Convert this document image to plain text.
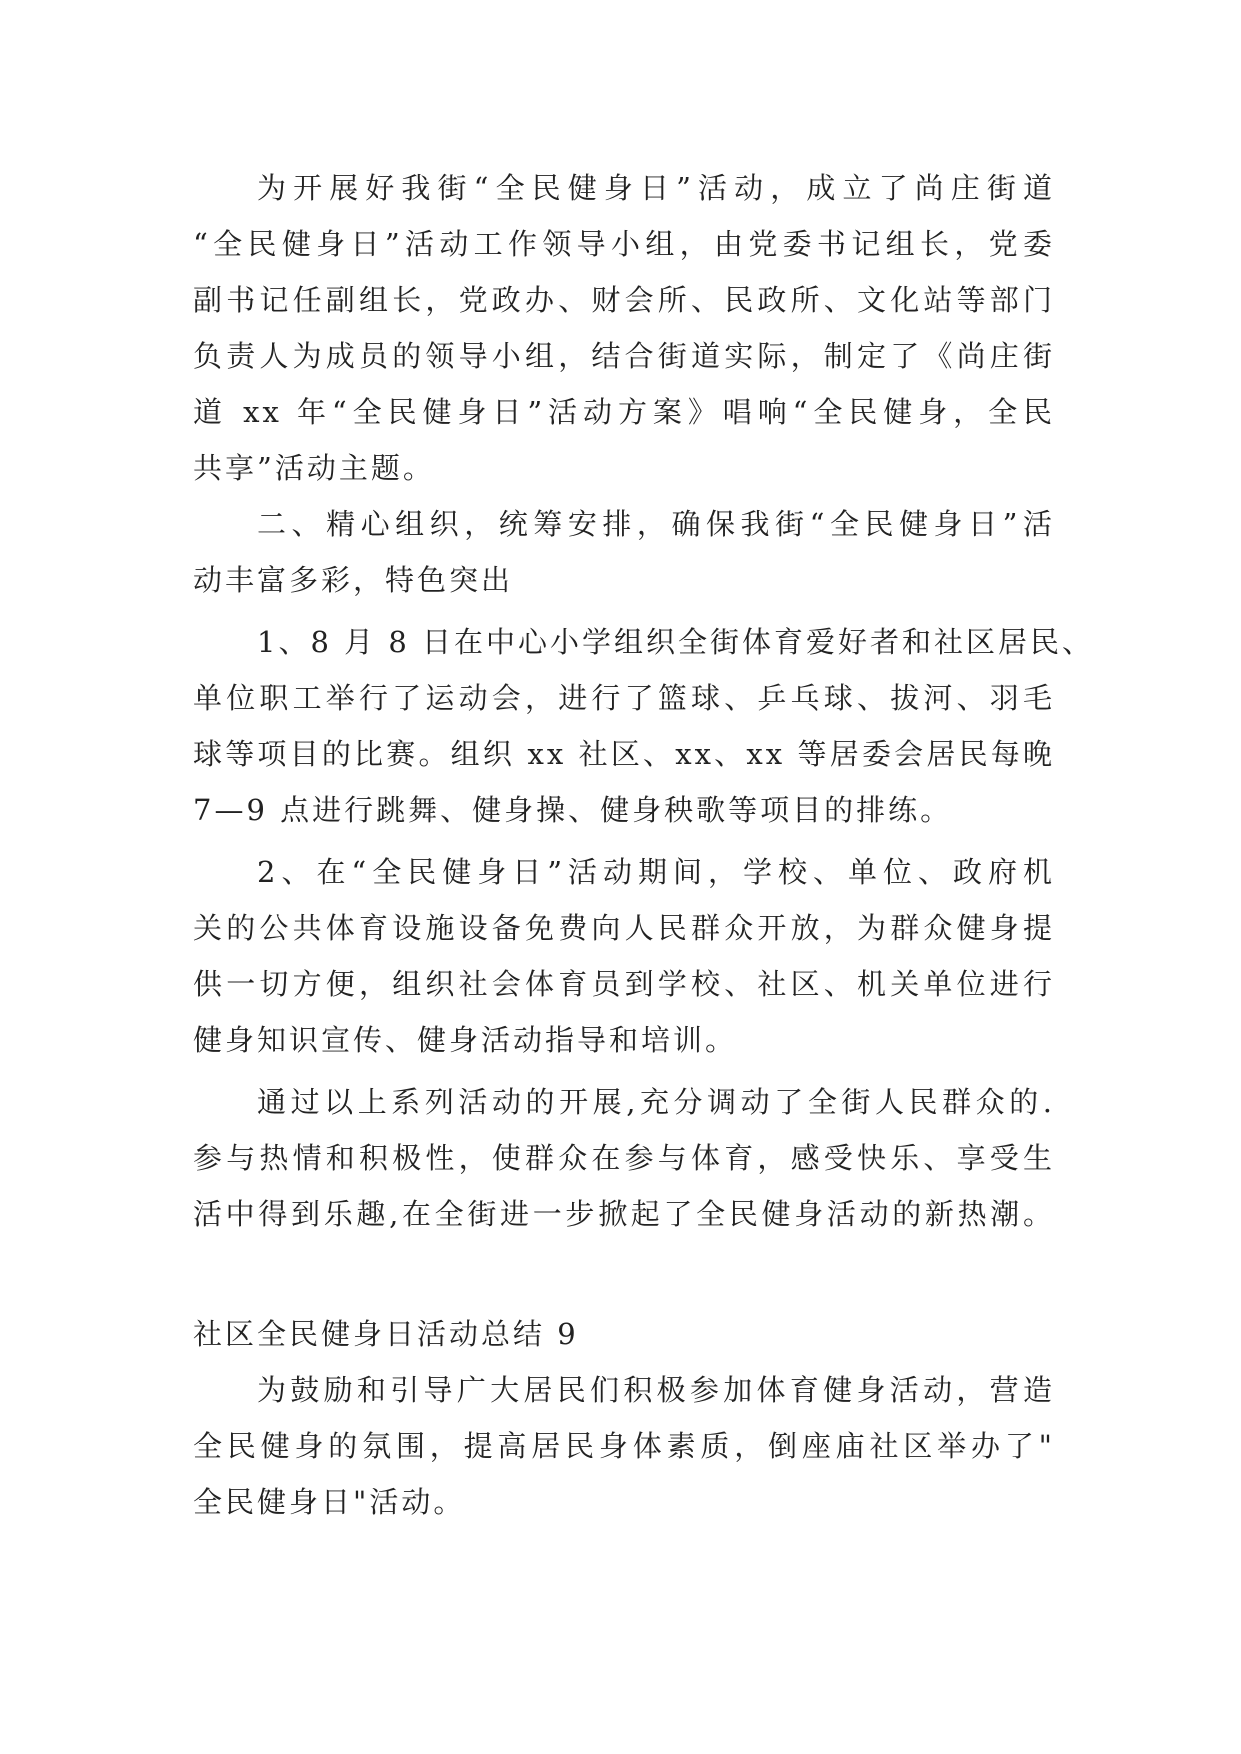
为开展好我街“全民健身日”活动，成立了尚庄街道
“全民健身日”活动工作领导小组，由党委书记组长，党委
副书记任副组长，党政办、财会所、民政所、文化站等部门
负责人为成员的领导小组，结合街道实际，制定了《尚庄街
道 xx 年“全民健身日”活动方案》唱响“全民健身，全民
共享”活动主题。
二、精心组织，统筹安排，确保我街“全民健身日”活
动丰富多彩，特色突出
1、8 月 8 日在中心小学组织全街体育爱好者和社区居民、
单位职工举行了运动会，进行了篮球、乒乓球、拔河、羽毛
球等项目的比赛。组织 xx 社区、xx、xx 等居委会居民每晚
7—9 点进行跳舞、健身操、健身秧歌等项目的排练。
2、在“全民健身日”活动期间，学校、单位、政府机
关的公共体育设施设备免费向人民群众开放，为群众健身提
供一切方便，组织社会体育员到学校、社区、机关单位进行
健身知识宣传、健身活动指导和培训。
通过以上系列活动的开展,充分调动了全街人民群众的.
参与热情和积极性，使群众在参与体育，感受快乐、享受生
活中得到乐趣,在全街进一步掀起了全民健身活动的新热潮。
社区全民健身日活动总结 9
为鼓励和引导广大居民们积极参加体育健身活动，营造
全民健身的氛围，提高居民身体素质，倒座庙社区举办了"
全民健身日"活动。
